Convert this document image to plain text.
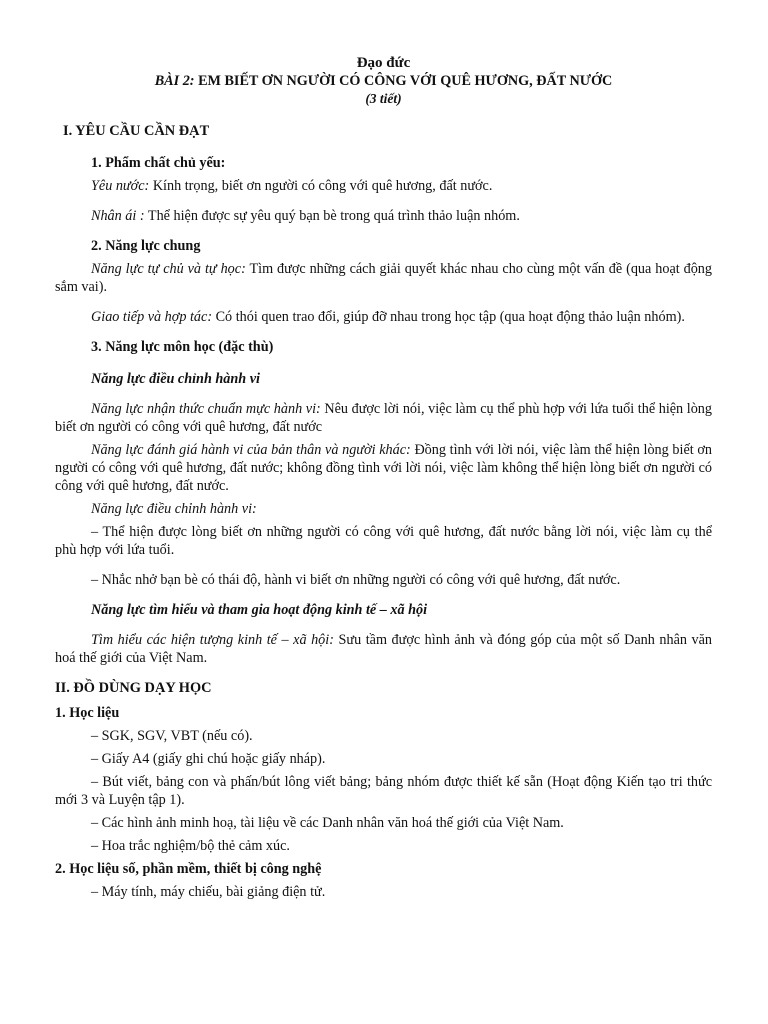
Đạo đức
BÀI 2: EM BIẾT ƠN NGƯỜI CÓ CÔNG VỚI QUÊ HƯƠNG, ĐẤT NƯỚC
(3 tiết)
I. YÊU CẦU CẦN ĐẠT
1. Phẩm chất chủ yếu:
Yêu nước: Kính trọng, biết ơn người có công với quê hương, đất nước.
Nhân ái : Thể hiện được sự yêu quý bạn bè trong quá trình thảo luận nhóm.
2. Năng lực chung
Năng lực tự chủ và tự học: Tìm được những cách giải quyết khác nhau cho cùng một vấn đề (qua hoạt động sắm vai).
Giao tiếp và hợp tác: Có thói quen trao đổi, giúp đỡ nhau trong học tập (qua hoạt động thảo luận nhóm).
3. Năng lực môn học (đặc thù)
Năng lực điều chỉnh hành vi
Năng lực nhận thức chuẩn mực hành vi: Nêu được lời nói, việc làm cụ thể phù hợp với lứa tuổi thể hiện lòng biết ơn người có công với quê hương, đất nước
Năng lực đánh giá hành vi của bản thân và người khác: Đồng tình với lời nói, việc làm thể hiện lòng biết ơn người có công với quê hương, đất nước; không đồng tình với lời nói, việc làm không thể hiện lòng biết ơn người có công với quê hương, đất nước.
Năng lực điều chỉnh hành vi:
– Thể hiện được lòng biết ơn những người có công với quê hương, đất nước bằng lời nói, việc làm cụ thể phù hợp với lứa tuổi.
– Nhắc nhở bạn bè có thái độ, hành vi biết ơn những người có công với quê hương, đất nước.
Năng lực tìm hiểu và tham gia hoạt động kinh tế – xã hội
Tìm hiểu các hiện tượng kinh tế – xã hội: Sưu tầm được hình ảnh và đóng góp của một số Danh nhân văn hoá thế giới của Việt Nam.
II. ĐỒ DÙNG DẠY HỌC
1. Học liệu
– SGK, SGV, VBT (nếu có).
– Giấy A4 (giấy ghi chú hoặc giấy nháp).
– Bút viết, bảng con và phấn/bút lông viết bảng; bảng nhóm được thiết kế sẵn (Hoạt động Kiến tạo tri thức mới 3 và Luyện tập 1).
– Các hình ảnh minh hoạ, tài liệu về các Danh nhân văn hoá thế giới của Việt Nam.
– Hoa trắc nghiệm/bộ thẻ cảm xúc.
2. Học liệu số, phần mềm, thiết bị công nghệ
– Máy tính, máy chiếu, bài giảng điện tử.
